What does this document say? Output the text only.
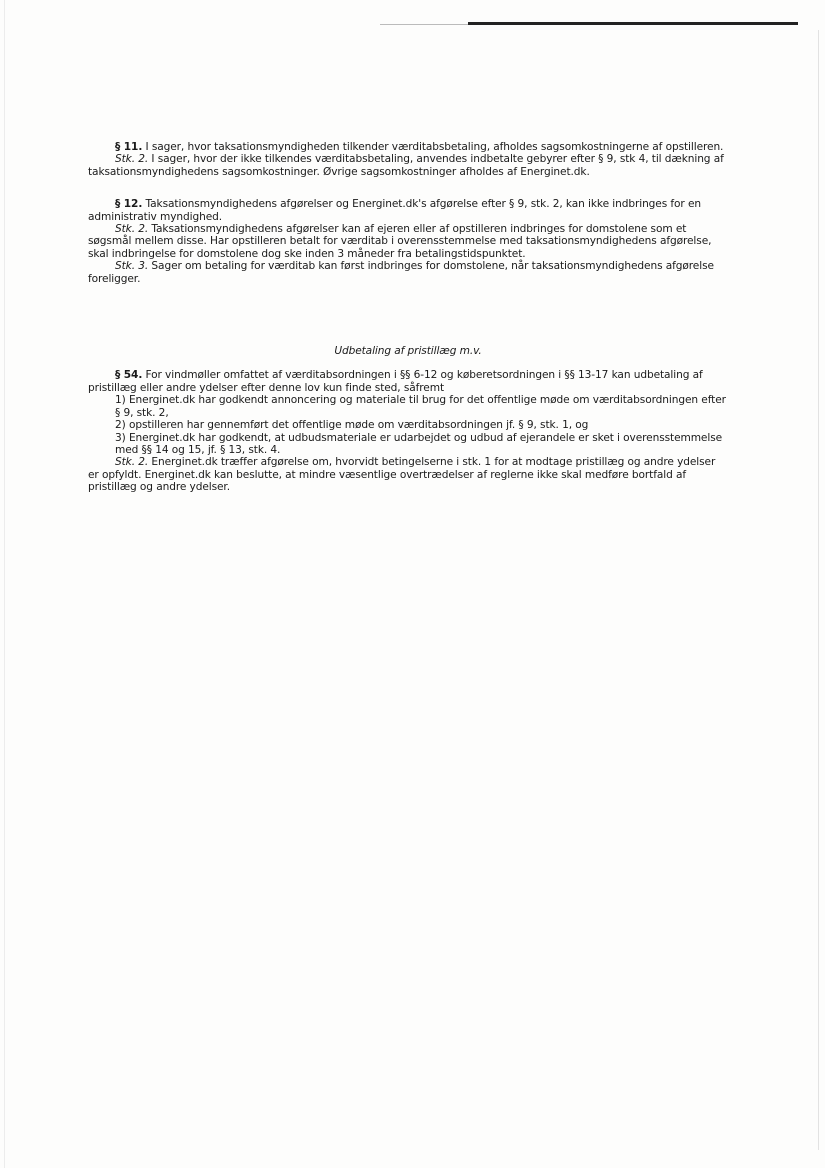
§ 11. I sager, hvor taksationsmyndigheden tilkender værditabsbetaling, afholdes sagsomkostningerne af opstilleren.

Stk. 2. I sager, hvor der ikke tilkendes værditabsbetaling, anvendes indbetalte gebyrer efter § 9, stk 4, til dækning af taksationsmyndighedens sagsomkostninger. Øvrige sagsomkostninger afholdes af Energinet.dk.

§ 12. Taksationsmyndighedens afgørelser og Energinet.dk's afgørelse efter § 9, stk. 2, kan ikke indbringes for en administrativ myndighed.

Stk. 2. Taksationsmyndighedens afgørelser kan af ejeren eller af opstilleren indbringes for domstolene som et søgsmål mellem disse. Har opstilleren betalt for værditab i overensstemmelse med taksationsmyndighedens afgørelse, skal indbringelse for domstolene dog ske inden 3 måneder fra betalingstidspunktet.

Stk. 3. Sager om betaling for værditab kan først indbringes for domstolene, når taksationsmyndighedens afgørelse foreligger.

Udbetaling af pristillæg m.v.

§ 54. For vindmøller omfattet af værditabsordningen i §§ 6-12 og køberetsordningen i §§ 13-17 kan udbetaling af pristillæg eller andre ydelser efter denne lov kun finde sted, såfremt

1) Energinet.dk har godkendt annoncering og materiale til brug for det offentlige møde om værditabsordningen efter § 9, stk. 2,

2) opstilleren har gennemført det offentlige møde om værditabsordningen jf. § 9, stk. 1, og

3) Energinet.dk har godkendt, at udbudsmateriale er udarbejdet og udbud af ejerandele er sket i overensstemmelse med §§ 14 og 15, jf. § 13, stk. 4.

Stk. 2. Energinet.dk træffer afgørelse om, hvorvidt betingelserne i stk. 1 for at modtage pristillæg og andre ydelser er opfyldt. Energinet.dk kan beslutte, at mindre væsentlige overtrædelser af reglerne ikke skal medføre bortfald af pristillæg og andre ydelser.
